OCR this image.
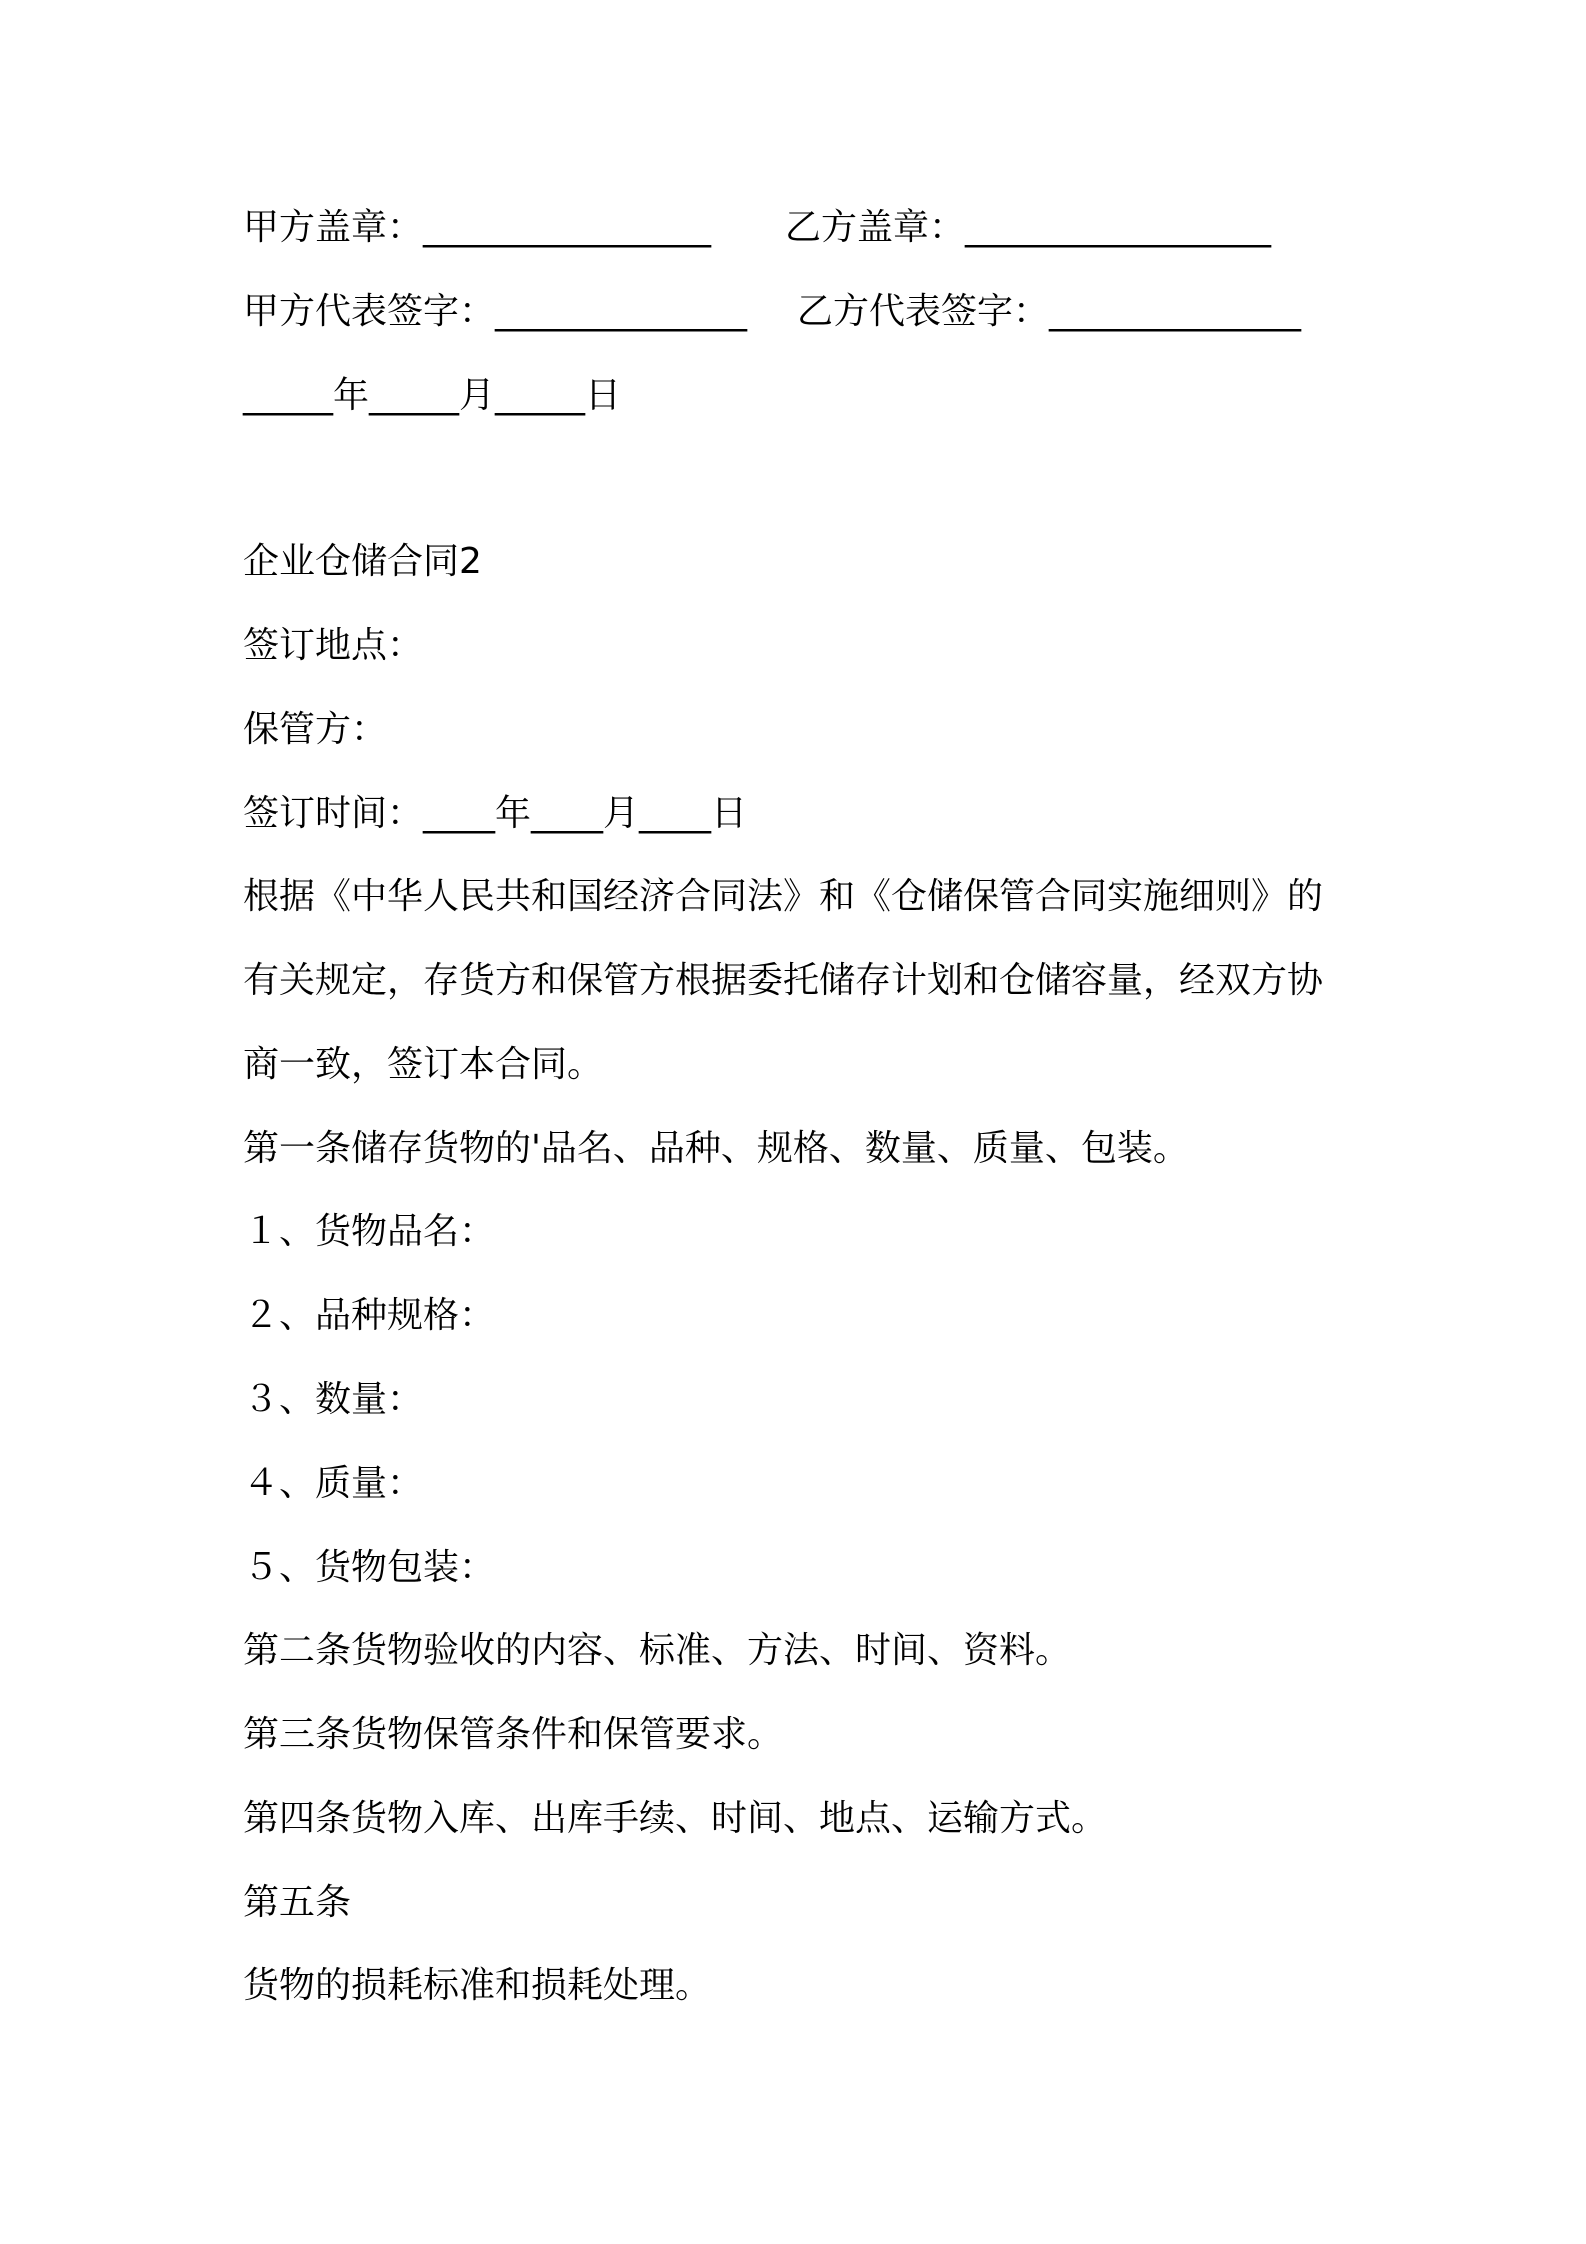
甲方盖章：________________ 乙方盖章：_________________
甲方代表签字：______________ 乙方代表签字：______________
_____年_____月_____日
企业仓储合同2
签订地点：
保管方：
签订时间：____年____月____日
根据《中华人民共和国经济合同法》和《仓储保管合同实施细则》的
有关规定，存货方和保管方根据委托储存计划和仓储容量，经双方协
商一致，签订本合同。
第一条储存货物的'品名、品种、规格、数量、质量、包装。
１、货物品名：
２、品种规格：
３、数量：
４、质量：
５、货物包装：
第二条货物验收的内容、标准、方法、时间、资料。
第三条货物保管条件和保管要求。
第四条货物入库、出库手续、时间、地点、运输方式。
第五条
货物的损耗标准和损耗处理。
